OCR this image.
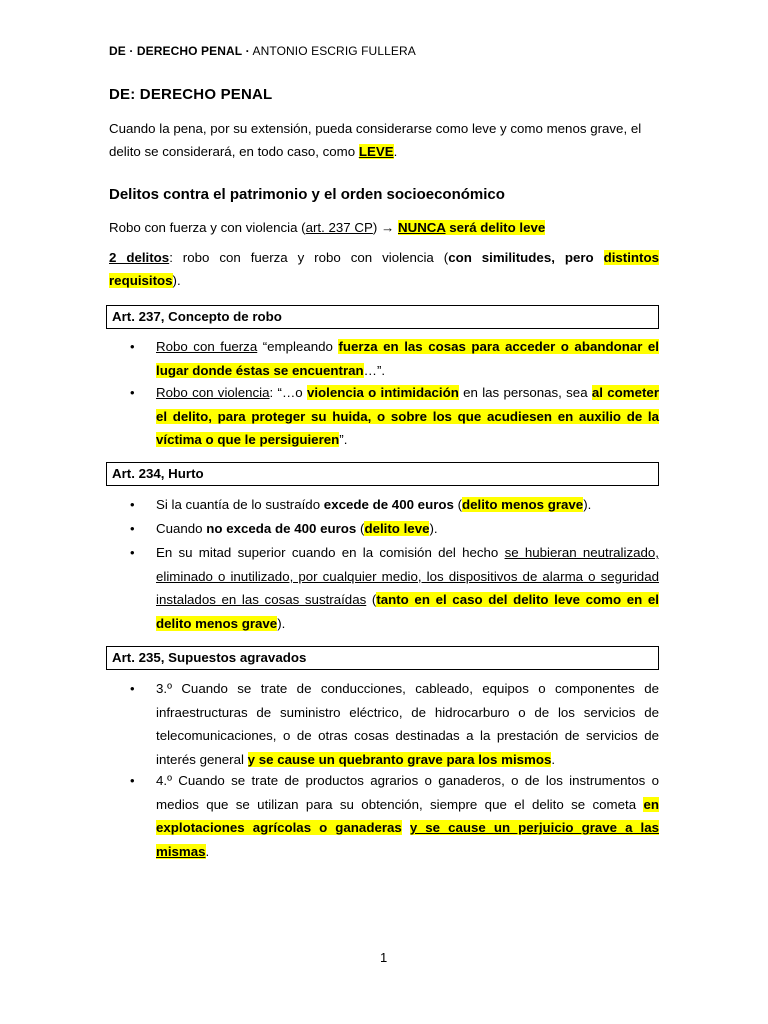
DE · DERECHO PENAL · ANTONIO ESCRIG FULLERA
DE: DERECHO PENAL
Cuando la pena, por su extensión, pueda considerarse como leve y como menos grave, el delito se considerará, en todo caso, como LEVE.
Delitos contra el patrimonio y el orden socioeconómico
Robo con fuerza y con violencia (art. 237 CP) → NUNCA será delito leve
2 delitos: robo con fuerza y robo con violencia (con similitudes, pero distintos requisitos).
Art. 237, Concepto de robo
• Robo con fuerza “empleando fuerza en las cosas para acceder o abandonar el lugar donde éstas se encuentran…”.
• Robo con violencia: “…o violencia o intimidación en las personas, sea al cometer el delito, para proteger su huida, o sobre los que acudiesen en auxilio de la víctima o que le persiguieren”.
Art. 234, Hurto
• Si la cuantía de lo sustraído excede de 400 euros (delito menos grave).
• Cuando no exceda de 400 euros (delito leve).
• En su mitad superior cuando en la comisión del hecho se hubieran neutralizado, eliminado o inutilizado, por cualquier medio, los dispositivos de alarma o seguridad instalados en las cosas sustraídas (tanto en el caso del delito leve como en el delito menos grave).
Art. 235, Supuestos agravados
• 3.º Cuando se trate de conducciones, cableado, equipos o componentes de infraestructuras de suministro eléctrico, de hidrocarburo o de los servicios de telecomunicaciones, o de otras cosas destinadas a la prestación de servicios de interés general y se cause un quebranto grave para los mismos.
• 4.º Cuando se trate de productos agrarios o ganaderos, o de los instrumentos o medios que se utilizan para su obtención, siempre que el delito se cometa en explotaciones agrícolas o ganaderas y se cause un perjuicio grave a las mismas.
1
